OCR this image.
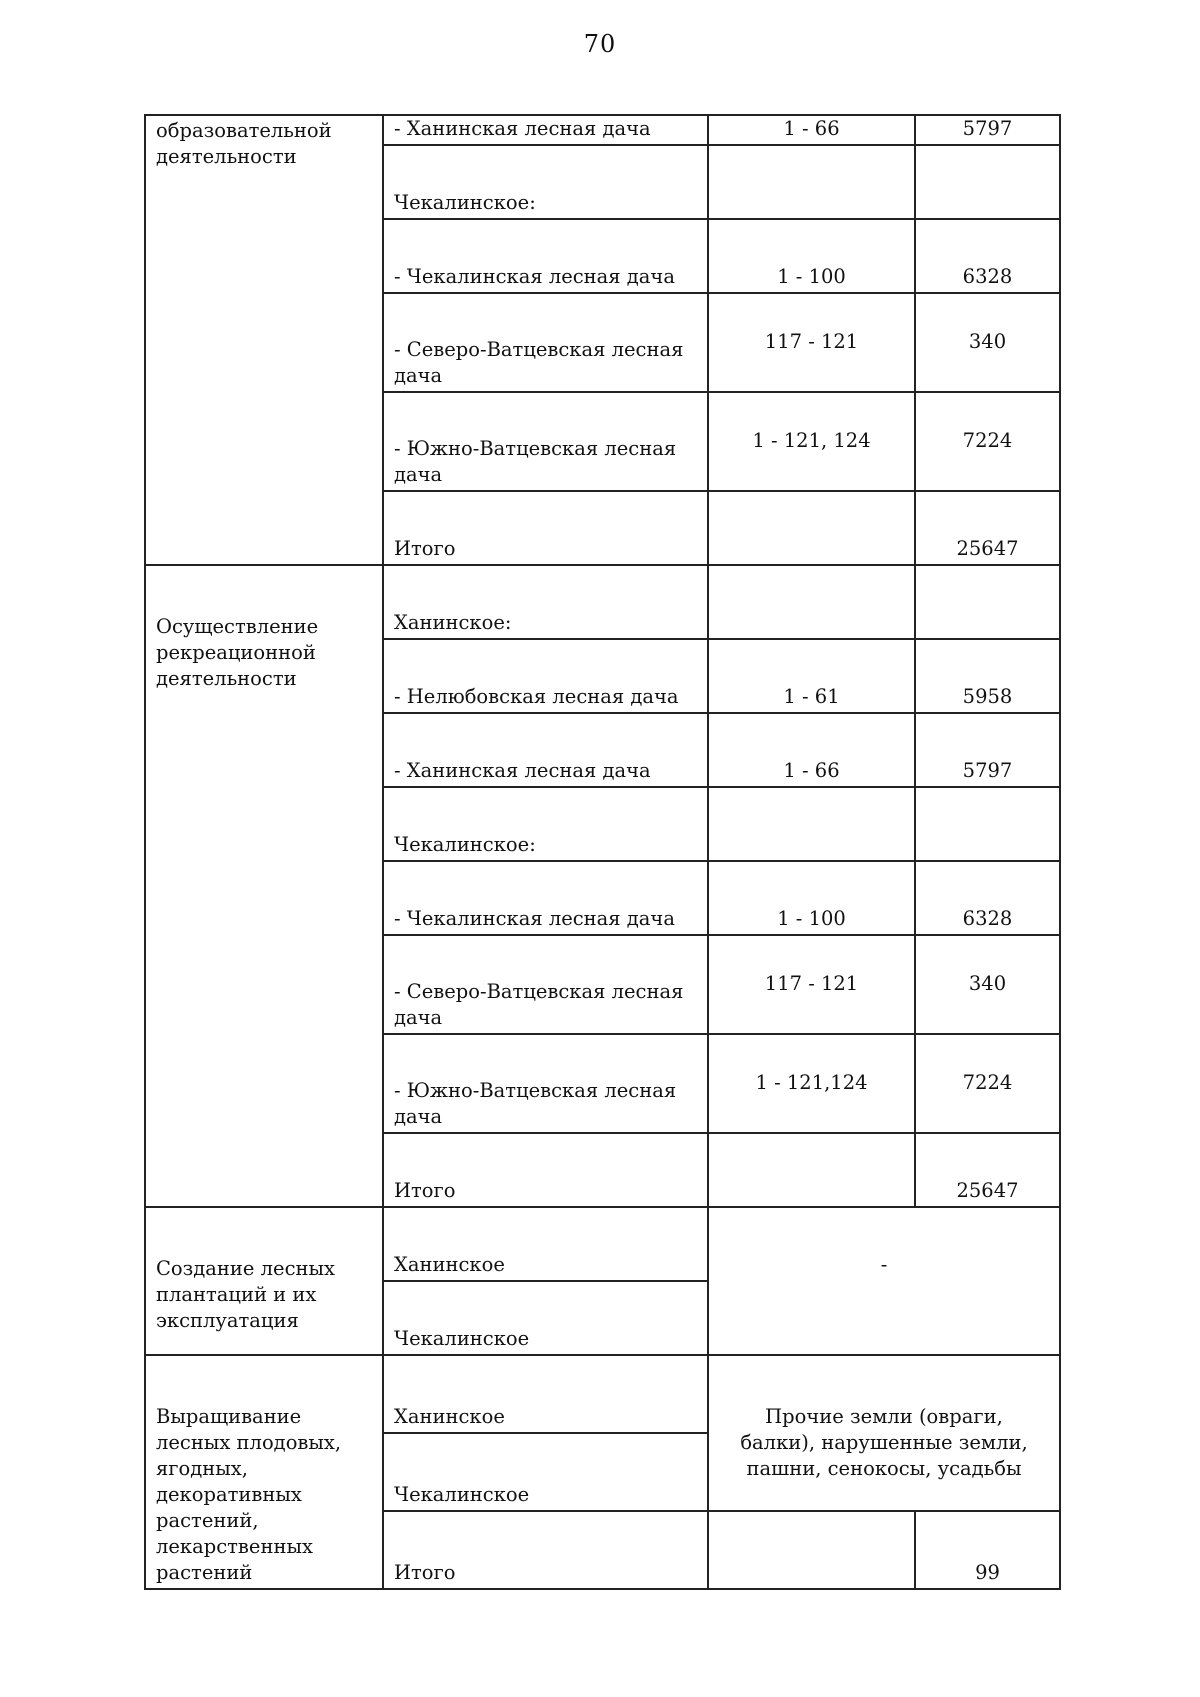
70
образовательной деятельности	- Ханинская лесная дача	1 - 66	5797
	Чекалинское:		
	- Чекалинская лесная дача	1 - 100	6328
	- Северо-Ватцевская лесная дача	117 - 121	340
	- Южно-Ватцевская лесная дача	1 - 121, 124	7224
	Итого		25647
Осуществление рекреационной деятельности	Ханинское:		
	- Нелюбовская лесная дача	1 - 61	5958
	- Ханинская лесная дача	1 - 66	5797
	Чекалинское:		
	- Чекалинская лесная дача	1 - 100	6328
	- Северо-Ватцевская лесная дача	117 - 121	340
	- Южно-Ватцевская лесная дача	1 - 121,124	7224
	Итого		25647
Создание лесных плантаций и их эксплуатация	Ханинское	-	
	Чекалинское		
Выращивание лесных плодовых, ягодных, декоративных растений, лекарственных растений	Ханинское	Прочие земли (овраги, балки), нарушенные земли, пашни, сенокосы, усадьбы	
	Чекалинское		
	Итого		99
